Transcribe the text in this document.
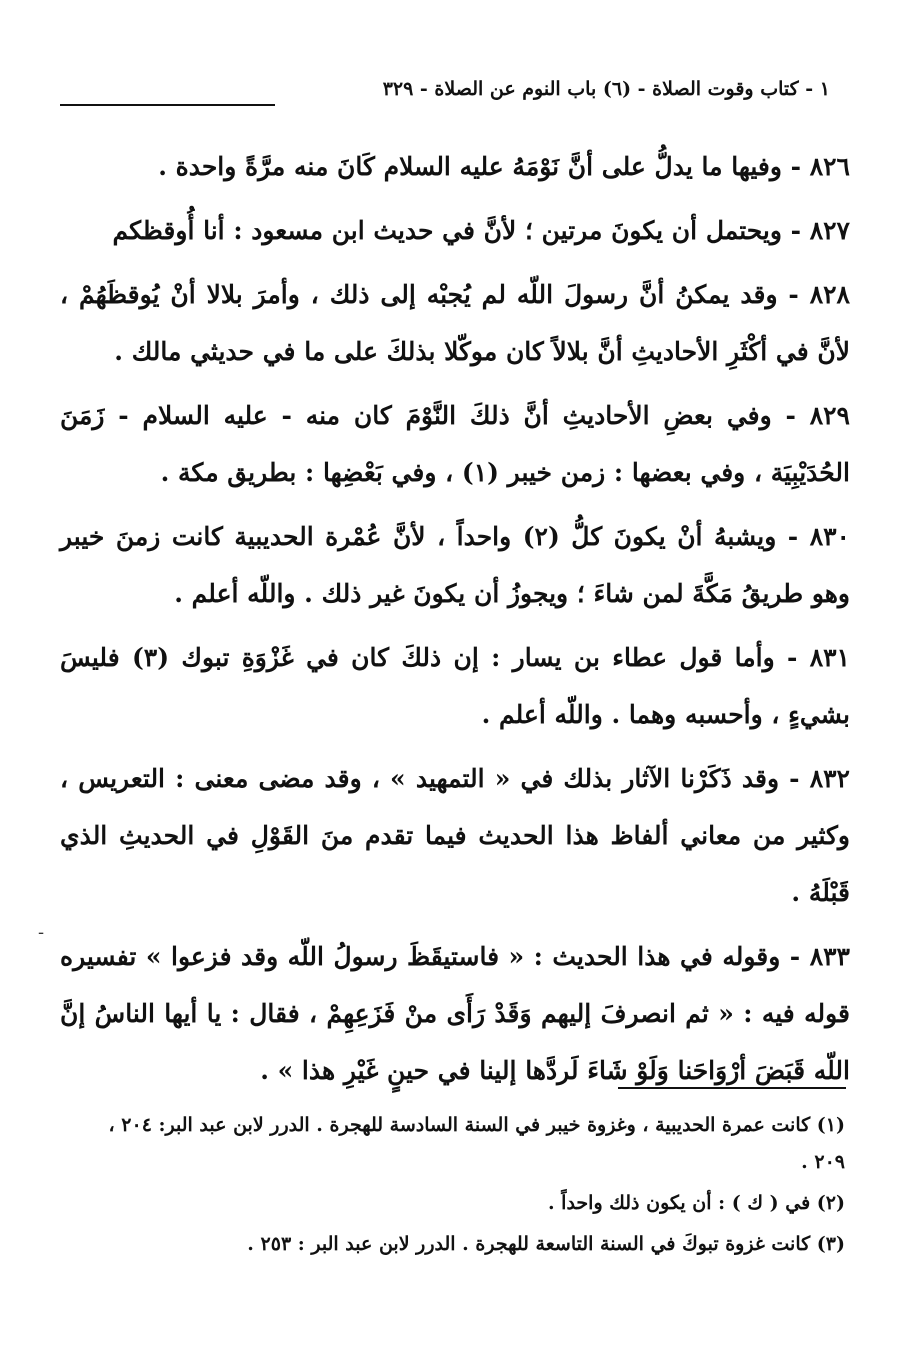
١ - كتاب وقوت الصلاة - (٦) باب النوم عن الصلاة - ٣٢٩

٨٢٦ - وفيها ما يدلُّ على أنَّ نَوْمَهُ عليه السلام كَانَ منه مرَّةً واحدة .

٨٢٧ - ويحتمل أن يكونَ مرتين ؛ لأنَّ في حديث ابن مسعود : أنا أُوقظكم

٨٢٨ - وقد يمكنُ أنَّ رسولَ اللّه لم يُجبْه إلى ذلك ، وأمرَ بلالا أنْ يُوقظَهُمْ ، لأنَّ في أكْثَرِ الأحاديثِ أنَّ بلالاً كان موكّلا بذلكَ على ما في حديثي مالك .

٨٢٩ - وفي بعضِ الأحاديثِ أنَّ ذلكَ النَّوْمَ كان منه - عليه السلام - زَمَنَ الحُدَيْبِيَة ، وفي بعضها : زمن خيبر (١) ، وفي بَعْضِها : بطريق مكة .

٨٣٠ - ويشبهُ أنْ يكونَ كلُّ (٢) واحداً ، لأنَّ عُمْرة الحديبية كانت زمنَ خيبر وهو طريقُ مَكَّةَ لمن شاءَ ؛ ويجوزُ أن يكونَ غير ذلك . واللّه أعلم .

٨٣١ - وأما قول عطاء بن يسار : إن ذلكَ كان في غَزْوَةِ تبوك (٣) فليسَ بشيءٍ ، وأحسبه وهما . واللّه أعلم .

٨٣٢ - وقد ذَكَرْنا الآثار بذلك في « التمهيد » ، وقد مضى معنى : التعريس ، وكثير من معاني ألفاظ هذا الحديث فيما تقدم منَ القَوْلِ في الحديثِ الذي قَبْلَهُ .

٨٣٣ - وقوله في هذا الحديث : « فاستيقَظَ رسولُ اللّه وقد فزعوا » تفسيره قوله فيه : « ثم انصرفَ إليهم وَقَدْ رَأَى منْ فَزَعِهِمْ ، فقال : يا أيها الناسُ إنَّ اللّه قَبَضَ أرْوَاحَنا وَلَوْ شَاءَ لَردَّها إلينا في حينٍ غَيْرِ هذا » .

-

(١) كانت عمرة الحديبية ، وغزوة خيبر في السنة السادسة للهجرة . الدرر لابن عبد البر: ٢٠٤ ، ٢٠٩ .

(٢) في ( ك ) : أن يكون ذلك واحداً .

(٣) كانت غزوة تبوكَ في السنة التاسعة للهجرة . الدرر لابن عبد البر : ٢٥٣ .
